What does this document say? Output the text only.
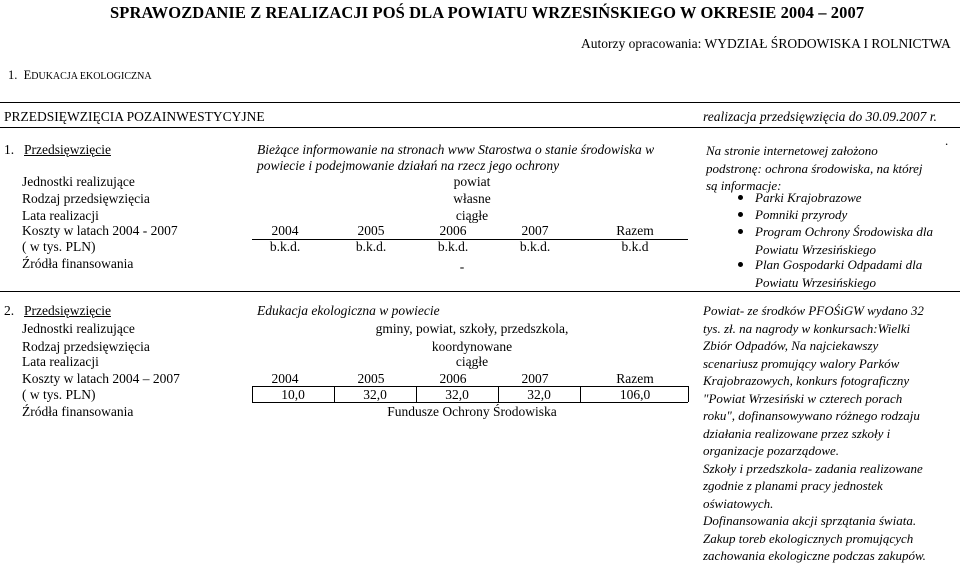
SPRAWOZDANIE Z REALIZACJI POŚ DLA POWIATU WRZESIŃSKIEGO W OKRESIE 2004 – 2007
Autorzy opracowania: WYDZIAŁ ŚRODOWISKA I ROLNICTWA
1. EDUKACJA EKOLOGICZNA
PRZEDSIĘWZIĘCIA POZAINWESTYCYJNE	realizacja przedsięwzięcia do 30.09.2007 r.
.
1. Przedsięwzięcie	Bieżące informowanie na stronach www Starostwa o stanie środowiska w
powiecie i podejmowanie działań na rzecz jego ochrony
Jednostki realizujące	powiat
Rodzaj przedsięwzięcia	własne
Lata realizacji	ciągłe
Koszty w latach 2004 - 2007
( w tys. PLN)
2004	2005	2006	2007	Razem
b.k.d.	b.k.d.	b.k.d.	b.k.d.	b.k.d
Źródła finansowania	-
Na stronie internetowej założono
podstronę: ochrona środowiska, na której
są informacje:
Parki Krajobrazowe
Pomniki przyrody
Program Ochrony Środowiska dla
Powiatu Wrzesińskiego
Plan Gospodarki Odpadami dla
Powiatu Wrzesińskiego
2. Przedsięwzięcie	Edukacja ekologiczna w powiecie
Jednostki realizujące	gminy, powiat, szkoły, przedszkola,
Rodzaj przedsięwzięcia	koordynowane
Lata realizacji	ciągłe
Koszty w latach 2004 – 2007
( w tys. PLN)
2004	2005	2006	2007	Razem
10,0	32,0	32,0	32,0	106,0
Źródła finansowania	Fundusze Ochrony Środowiska
Powiat- ze środków PFOŚiGW wydano 32
tys. zł. na nagrody w konkursach:Wielki
Zbiór Odpadów, Na najciekawszy
scenariusz promujący walory Parków
Krajobrazowych, konkurs fotograficzny
"Powiat Wrzesiński w czterech porach
roku", dofinansowywano różnego rodzaju
działania realizowane przez szkoły i
organizacje pozarządowe.
Szkoły i przedszkola- zadania realizowane
zgodnie z planami pracy jednostek
oświatowych.
Dofinansowania akcji sprzątania świata.
Zakup toreb ekologicznych promujących
zachowania ekologiczne podczas zakupów.
